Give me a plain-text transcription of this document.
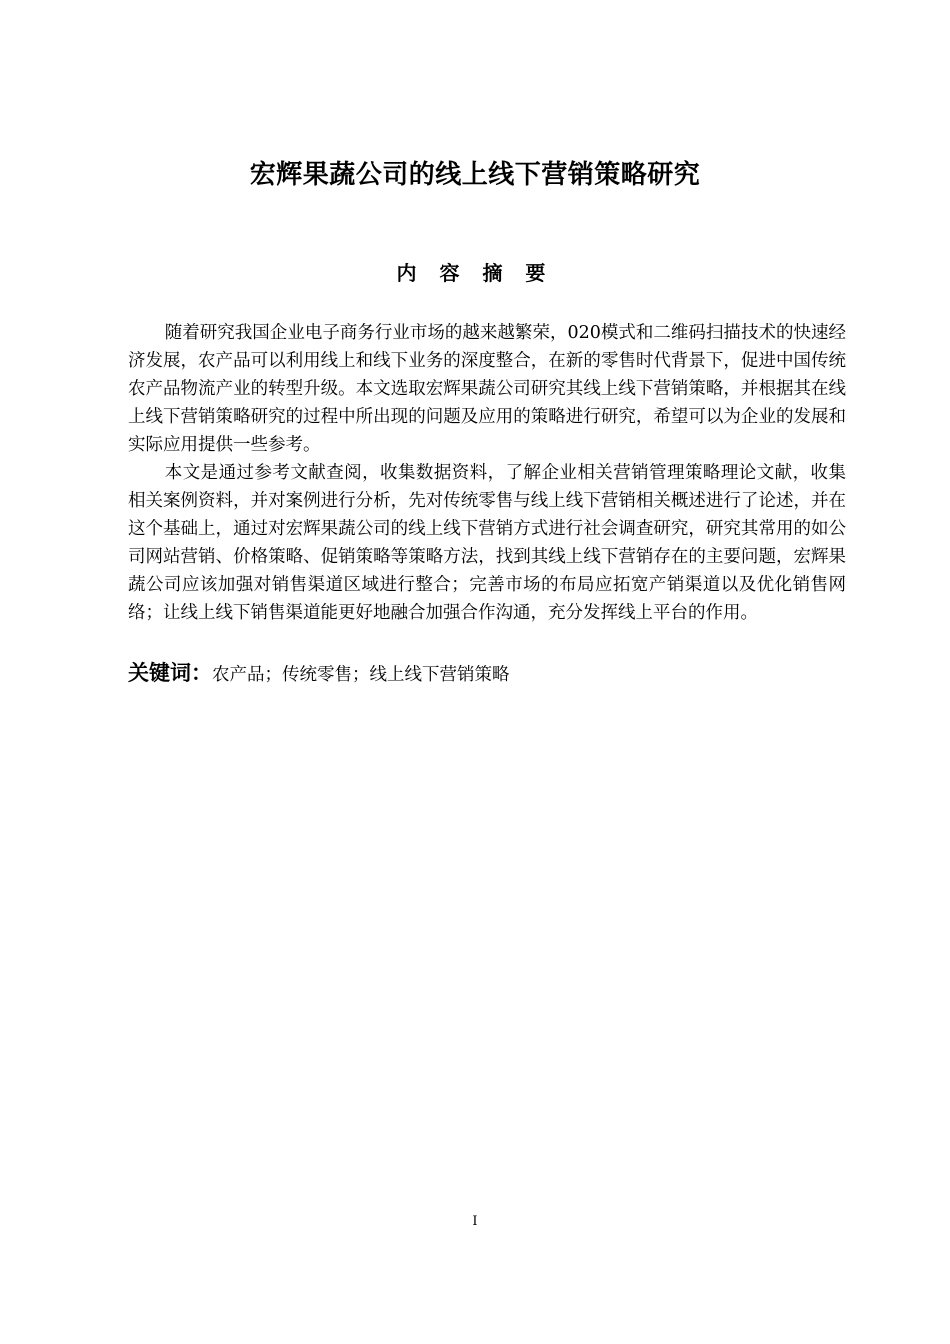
宏辉果蔬公司的线上线下营销策略研究
内 容 摘 要

随着研究我国企业电子商务行业市场的越来越繁荣，020模式和二维码扫描技术的快速经济发展，农产品可以利用线上和线下业务的深度整合，在新的零售时代背景下，促进中国传统农产品物流产业的转型升级。本文选取宏辉果蔬公司研究其线上线下营销策略，并根据其在线上线下营销策略研究的过程中所出现的问题及应用的策略进行研究，希望可以为企业的发展和实际应用提供一些参考。

本文是通过参考文献查阅，收集数据资料，了解企业相关营销管理策略理论文献，收集相关案例资料，并对案例进行分析，先对传统零售与线上线下营销相关概述进行了论述，并在这个基础上，通过对宏辉果蔬公司的线上线下营销方式进行社会调查研究，研究其常用的如公司网站营销、价格策略、促销策略等策略方法，找到其线上线下营销存在的主要问题，宏辉果蔬公司应该加强对销售渠道区域进行整合；完善市场的布局应拓宽产销渠道以及优化销售网络；让线上线下销售渠道能更好地融合加强合作沟通，充分发挥线上平台的作用。

关键词：农产品；传统零售；线上线下营销策略
I
